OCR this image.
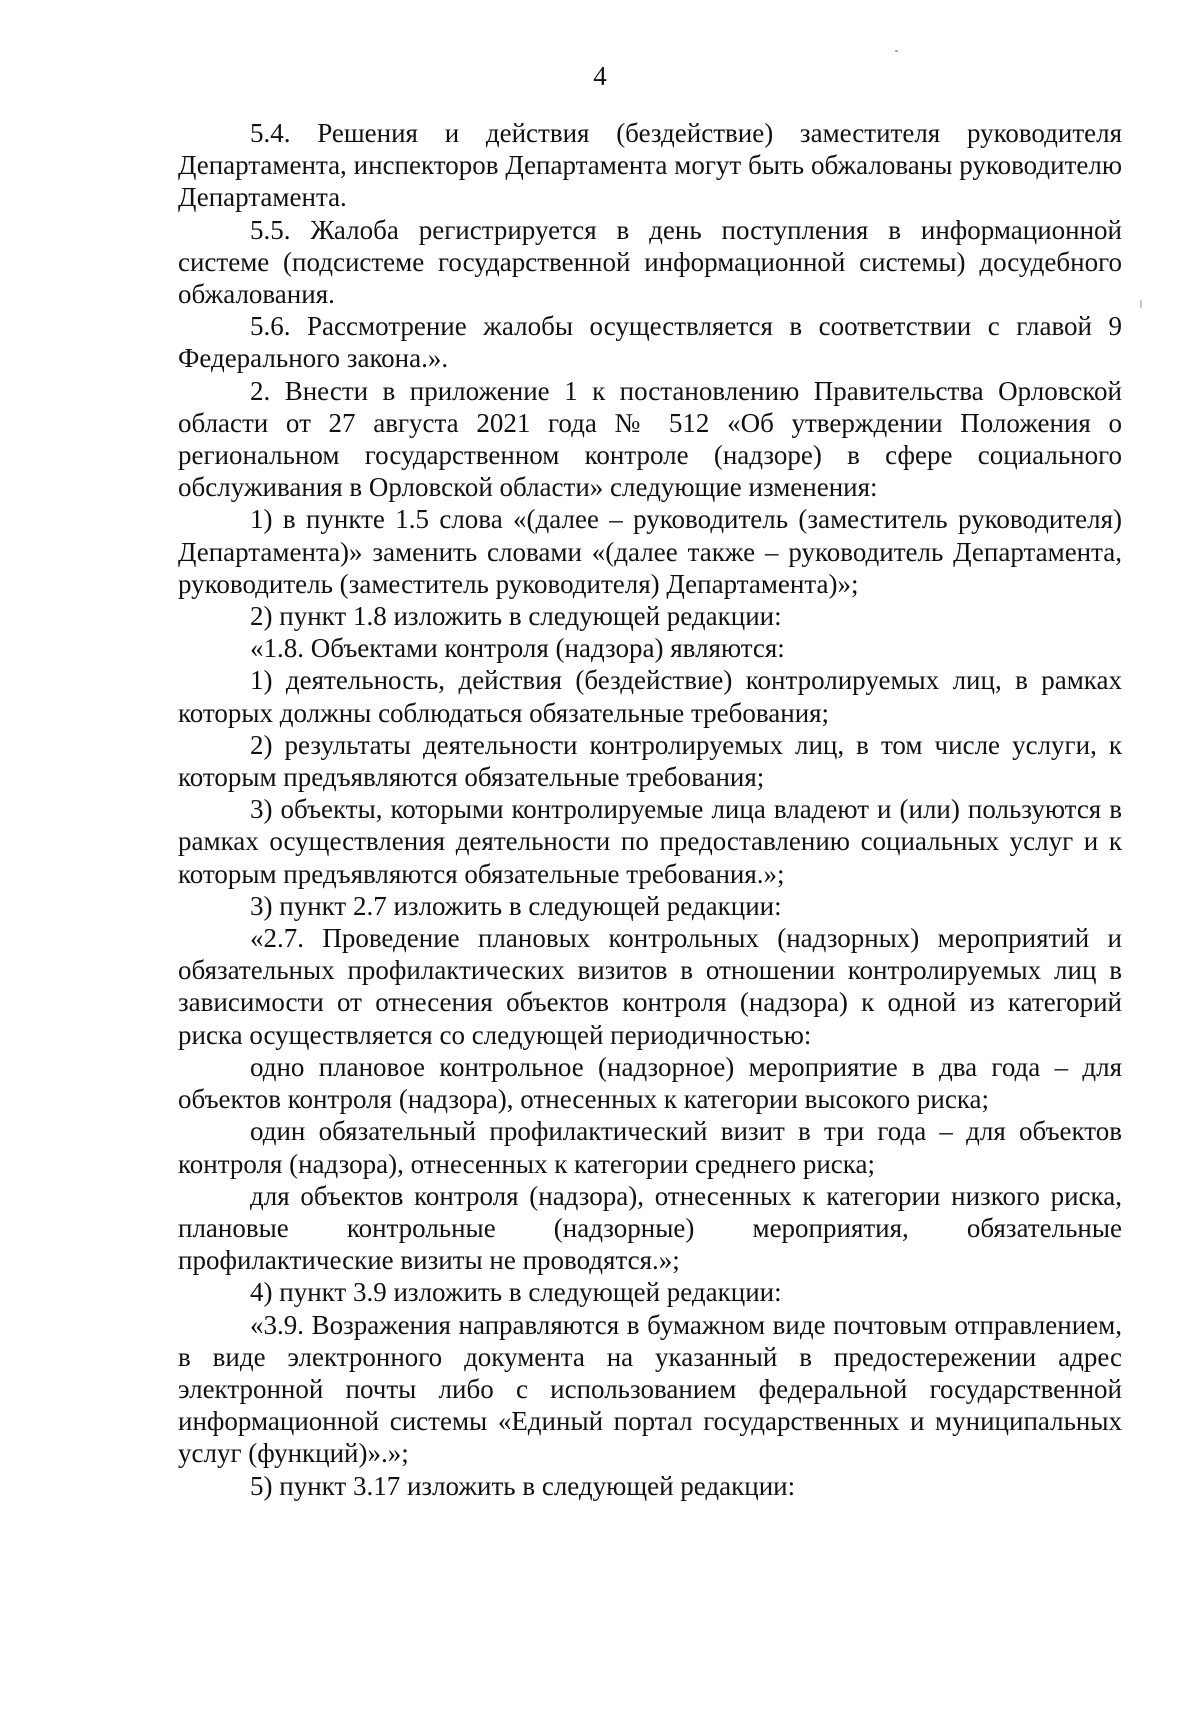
4

5.4. Решения и действия (бездействие) заместителя руководителя Департамента, инспекторов Департамента могут быть обжалованы руководителю Департамента.

5.5. Жалоба регистрируется в день поступления в информационной системе (подсистеме государственной информационной системы) досудебного обжалования.

5.6. Рассмотрение жалобы осуществляется в соответствии с главой 9 Федерального закона.».

2. Внести в приложение 1 к постановлению Правительства Орловской области от 27 августа 2021 года № 512 «Об утверждении Положения о региональном государственном контроле (надзоре) в сфере социального обслуживания в Орловской области» следующие изменения:

1) в пункте 1.5 слова «(далее – руководитель (заместитель руководителя) Департамента)» заменить словами «(далее также – руководитель Департамента, руководитель (заместитель руководителя) Департамента)»;

2) пункт 1.8 изложить в следующей редакции:

«1.8. Объектами контроля (надзора) являются:

1) деятельность, действия (бездействие) контролируемых лиц, в рамках которых должны соблюдаться обязательные требования;

2) результаты деятельности контролируемых лиц, в том числе услуги, к которым предъявляются обязательные требования;

3) объекты, которыми контролируемые лица владеют и (или) пользуются в рамках осуществления деятельности по предоставлению социальных услуг и к которым предъявляются обязательные требования.»;

3) пункт 2.7 изложить в следующей редакции:

«2.7. Проведение плановых контрольных (надзорных) мероприятий и обязательных профилактических визитов в отношении контролируемых лиц в зависимости от отнесения объектов контроля (надзора) к одной из категорий риска осуществляется со следующей периодичностью:

одно плановое контрольное (надзорное) мероприятие в два года – для объектов контроля (надзора), отнесенных к категории высокого риска;

один обязательный профилактический визит в три года – для объектов контроля (надзора), отнесенных к категории среднего риска;

для объектов контроля (надзора), отнесенных к категории низкого риска, плановые контрольные (надзорные) мероприятия, обязательные профилактические визиты не проводятся.»;

4) пункт 3.9 изложить в следующей редакции:

«3.9. Возражения направляются в бумажном виде почтовым отправлением, в виде электронного документа на указанный в предостережении адрес электронной почты либо с использованием федеральной государственной информационной системы «Единый портал государственных и муниципальных услуг (функций)».»;

5) пункт 3.17 изложить в следующей редакции:
